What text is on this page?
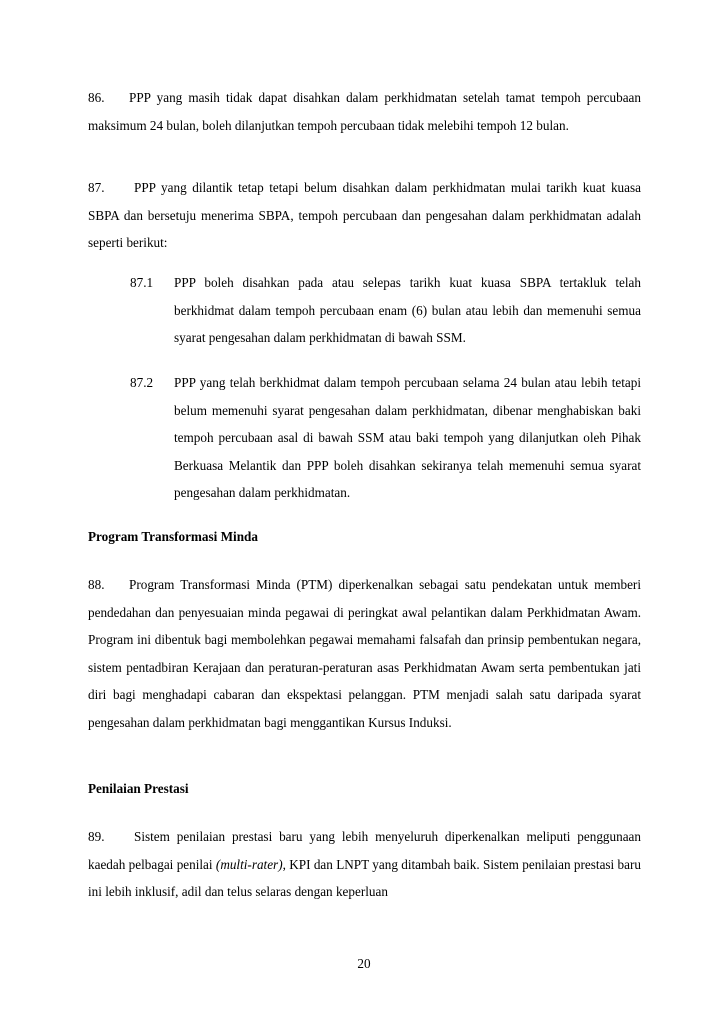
86. PPP yang masih tidak dapat disahkan dalam perkhidmatan setelah tamat tempoh percubaan maksimum 24 bulan, boleh dilanjutkan tempoh percubaan tidak melebihi tempoh 12 bulan.

87. PPP yang dilantik tetap tetapi belum disahkan dalam perkhidmatan mulai tarikh kuat kuasa SBPA dan bersetuju menerima SBPA, tempoh percubaan dan pengesahan dalam perkhidmatan adalah seperti berikut:

87.1	PPP boleh disahkan pada atau selepas tarikh kuat kuasa SBPA tertakluk telah berkhidmat dalam tempoh percubaan enam (6) bulan atau lebih dan memenuhi semua syarat pengesahan dalam perkhidmatan di bawah SSM.
87.2	PPP yang telah berkhidmat dalam tempoh percubaan selama 24 bulan atau lebih tetapi belum memenuhi syarat pengesahan dalam perkhidmatan, dibenar menghabiskan baki tempoh percubaan asal di bawah SSM atau baki tempoh yang dilanjutkan oleh Pihak Berkuasa Melantik dan PPP boleh disahkan sekiranya telah memenuhi semua syarat pengesahan dalam perkhidmatan.

Program Transformasi Minda

88. Program Transformasi Minda (PTM) diperkenalkan sebagai satu pendekatan untuk memberi pendedahan dan penyesuaian minda pegawai di peringkat awal pelantikan dalam Perkhidmatan Awam. Program ini dibentuk bagi membolehkan pegawai memahami falsafah dan prinsip pembentukan negara, sistem pentadbiran Kerajaan dan peraturan-peraturan asas Perkhidmatan Awam serta pembentukan jati diri bagi menghadapi cabaran dan ekspektasi pelanggan. PTM menjadi salah satu daripada syarat pengesahan dalam perkhidmatan bagi menggantikan Kursus Induksi.

Penilaian Prestasi

89. Sistem penilaian prestasi baru yang lebih menyeluruh diperkenalkan meliputi penggunaan kaedah pelbagai penilai (multi-rater), KPI dan LNPT yang ditambah baik. Sistem penilaian prestasi baru ini lebih inklusif, adil dan telus selaras dengan keperluan

20
